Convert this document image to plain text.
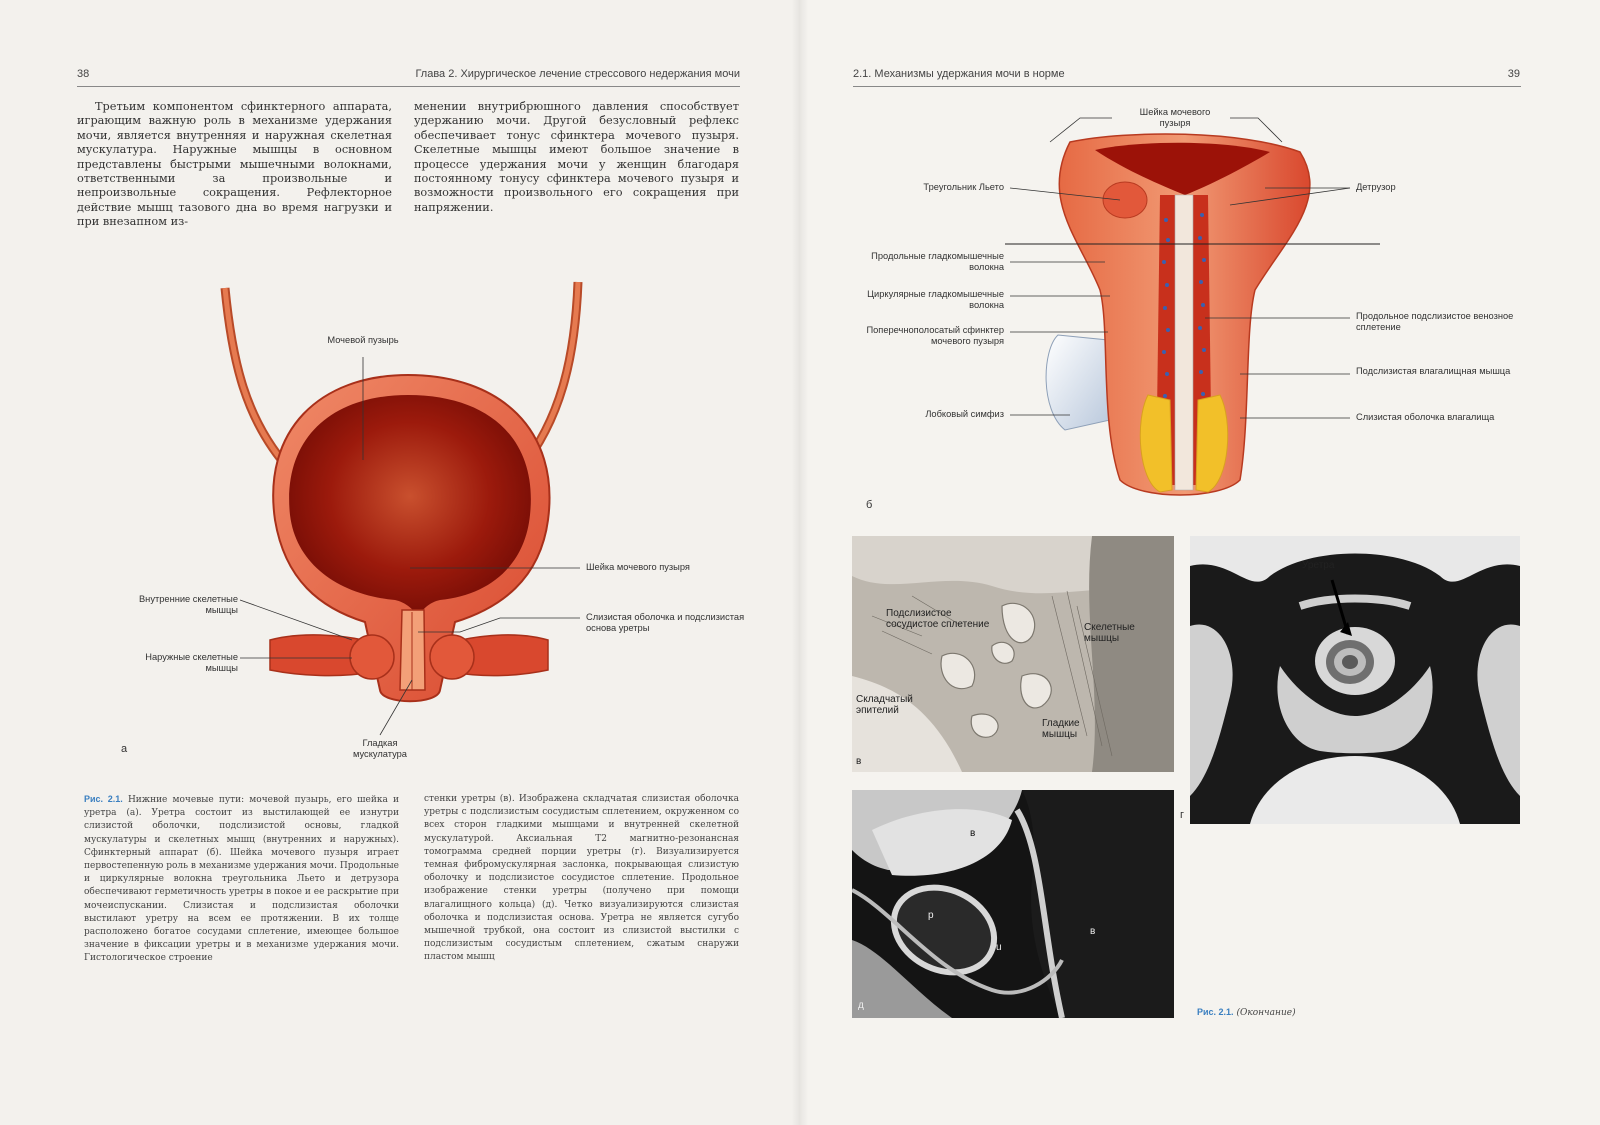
38	Глава 2. Хирургическое лечение стрессового недержания мочи
Третьим компонентом сфинктерного аппарата, играющим важную роль в механизме удержания мочи, является внутренняя и наружная скелетная мускулатура. Наружные мышцы в основном представлены быстрыми мышечными волокнами, ответственными за произвольные и непроизвольные сокращения. Рефлекторное действие мышц тазового дна во время нагрузки и при внезапном из-
менении внутрибрюшного давления способствует удержанию мочи. Другой безусловный рефлекс обеспечивает тонус сфинктера мочевого пузыря. Скелетные мышцы имеют большое значение в процессе удержания мочи у женщин благодаря постоянному тонусу сфинктера мочевого пузыря и возможности произвольного его сокращения при напряжении.
Мочевой пузырь
Шейка мочевого пузыря
Внутренние скелетные мышцы
Наружные скелетные мышцы
Слизистая оболочка и подслизистая основа уретры
Гладкая мускулатура
а
Рис. 2.1. Нижние мочевые пути: мочевой пузырь, его шейка и уретра (а). Уретра состоит из выстилающей ее изнутри слизистой оболочки, подслизистой основы, гладкой мускулатуры и скелетных мышц (внутренних и наружных). Сфинктерный аппарат (б). Шейка мочевого пузыря играет первостепенную роль в механизме удержания мочи. Продольные и циркулярные волокна треугольника Льето и детрузора обеспечивают герметичность уретры в покое и ее раскрытие при мочеиспускании. Слизистая и подслизистая оболочки выстилают уретру на всем ее протяжении. В их толще расположено богатое сосудами сплетение, имеющее большое значение в фиксации уретры и в механизме удержания мочи. Гистологическое строение
стенки уретры (в). Изображена складчатая слизистая оболочка уретры с подслизистым сосудистым сплетением, окруженном со всех сторон гладкими мышцами и внутренней скелетной мускулатурой. Аксиальная Т2 магнитно-резонансная томограмма средней порции уретры (г). Визуализируется темная фибромускулярная заслонка, покрывающая слизистую оболочку и подслизистое сосудистое сплетение. Продольное изображение стенки уретры (получено при помощи влагалищного кольца) (д). Четко визуализируются слизистая оболочка и подслизистая основа. Уретра не является сугубо мышечной трубкой, она состоит из слизистой выстилки с подслизистым сосудистым сплетением, сжатым снаружи пластом мышц
2.1. Механизмы удержания мочи в норме	39
Шейка мочевого пузыря
Треугольник Льето	Детрузор
Продольные гладкомышечные волокна
Циркулярные гладкомышечные волокна
Поперечнополосатый сфинктер мочевого пузыря
Продольное подслизистое венозное сплетение
Подслизистая влагалищная мышца
Лобковый симфиз	Слизистая оболочка влагалища
б
Подслизистое сосудистое сплетение	Скелетные мышцы
Складчатый эпителий
Гладкие мышцы
в
Уретра
г
в
р
u
в
д
Рис. 2.1. (Окончание)
